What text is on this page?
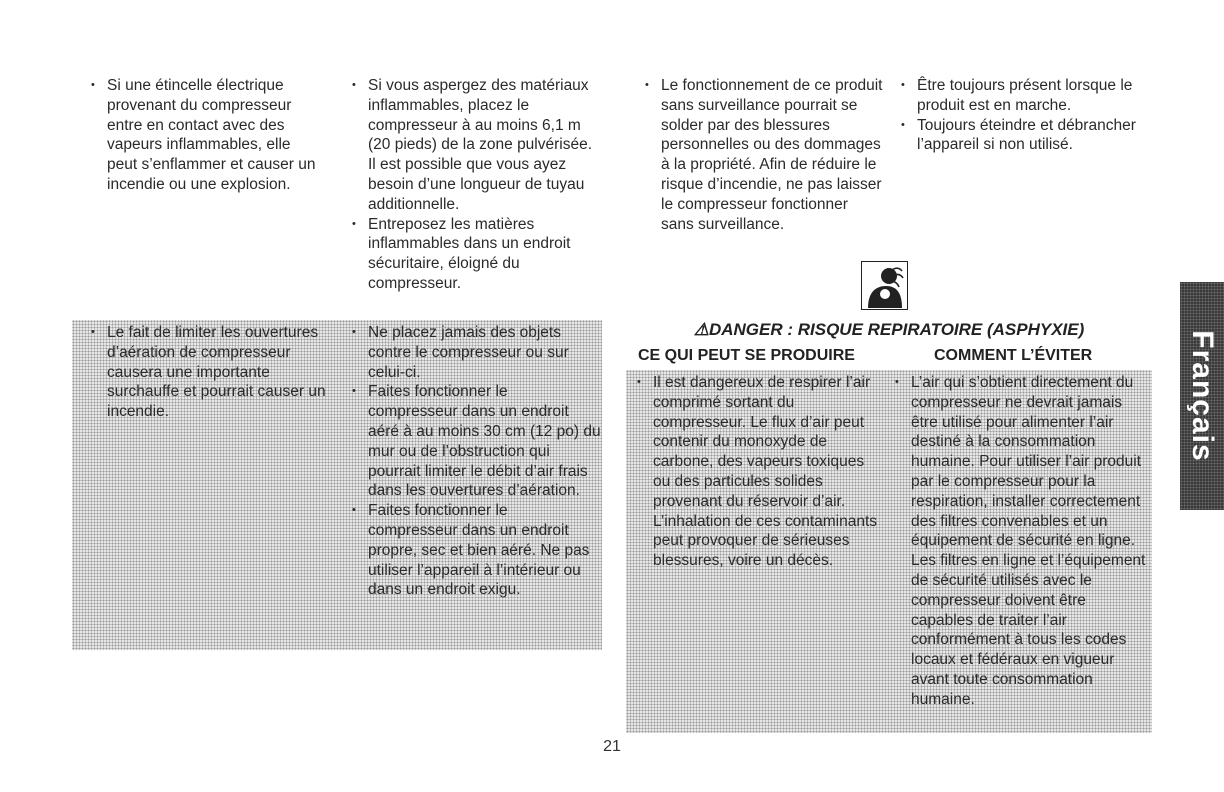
• Si une étincelle électrique provenant du compresseur entre en contact avec des vapeurs inflammables, elle peut s’enflammer et causer un incendie ou une explosion.
• Si vous aspergez des matériaux inflammables, placez le compresseur à au moins 6,1 m (20 pieds) de la zone pulvérisée. Il est possible que vous ayez besoin d’une longueur de tuyau additionnelle.
• Entreposez les matières inflammables dans un endroit sécuritaire, éloigné du compresseur.
• Le fait de limiter les ouvertures d’aération de compresseur causera une importante surchauffe et pourrait causer un incendie.
• Ne placez jamais des objets contre le compresseur ou sur celui-ci.
• Faites fonctionner le compresseur dans un endroit aéré à au moins 30 cm (12 po) du mur ou de l’obstruction qui pourrait limiter le débit d’air frais dans les ouvertures d’aération.
• Faites fonctionner le compresseur dans un endroit propre, sec et bien aéré. Ne pas utiliser l’appareil à l’intérieur ou dans un endroit exigu.
• Le fonctionnement de ce produit sans surveillance pourrait se solder par des blessures personnelles ou des dommages à la propriété. Afin de réduire le risque d’incendie, ne pas laisser le compresseur fonctionner sans surveillance.
• Être toujours présent lorsque le produit est en marche.
• Toujours éteindre et débrancher l’appareil si non utilisé.
⚠DANGER : RISQUE REPIRATOIRE (ASPHYXIE)
CE QUI PEUT SE PRODUIRE	COMMENT L’ÉVITER
• Il est dangereux de respirer l’air comprimé sortant du compresseur. Le flux d’air peut contenir du monoxyde de carbone, des vapeurs toxiques ou des particules solides provenant du réservoir d’air. L’inhalation de ces contaminants peut provoquer de sérieuses blessures, voire un décès.
• L’air qui s’obtient directement du compresseur ne devrait jamais être utilisé pour alimenter l’air destiné à la consommation humaine. Pour utiliser l’air produit par le compresseur pour la respiration, installer correctement des filtres convenables et un équipement de sécurité en ligne. Les filtres en ligne et l’équipement de sécurité utilisés avec le compresseur doivent être capables de traiter l’air conformément à tous les codes locaux et fédéraux en vigueur avant toute consommation humaine.
Français
21
